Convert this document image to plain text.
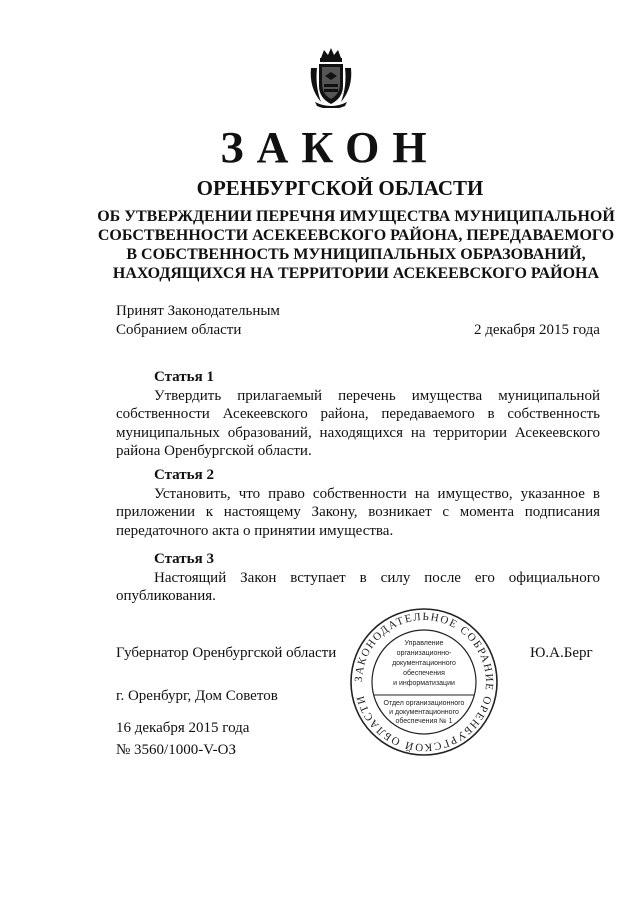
ЗАКОН
ОРЕНБУРГСКОЙ ОБЛАСТИ
ОБ УТВЕРЖДЕНИИ ПЕРЕЧНЯ ИМУЩЕСТВА МУНИЦИПАЛЬНОЙ СОБСТВЕННОСТИ АСЕКЕЕВСКОГО РАЙОНА, ПЕРЕДАВАЕМОГО В СОБСТВЕННОСТЬ МУНИЦИПАЛЬНЫХ ОБРАЗОВАНИЙ, НАХОДЯЩИХСЯ НА ТЕРРИТОРИИ АСЕКЕЕВСКОГО РАЙОНА
Принят Законодательным
Собранием области	2 декабря 2015 года
Статья 1

Утвердить прилагаемый перечень имущества муниципальной собственности Асекеевского района, передаваемого в собственность муниципальных образований, находящихся на территории Асекеевского района Оренбургской области.

Статья 2

Установить, что право собственности на имущество, указанное в приложении к настоящему Закону, возникает с момента подписания передаточного акта о принятии имущества.

Статья 3

Настоящий Закон вступает в силу после его официального опубликования.

Губернатор Оренбургской области	Ю.А.Берг
г. Оренбург, Дом Советов
16 декабря 2015 года
№ 3560/1000-V-ОЗ
ЗАКОНОДАТЕЛЬНОЕ СОБРАНИЕ ОРЕНБУРГСКОЙ ОБЛАСТИ
Управление
организационно-
документационного
обеспечения
и информатизации
Отдел организационного
и документационного
обеспечения № 1
